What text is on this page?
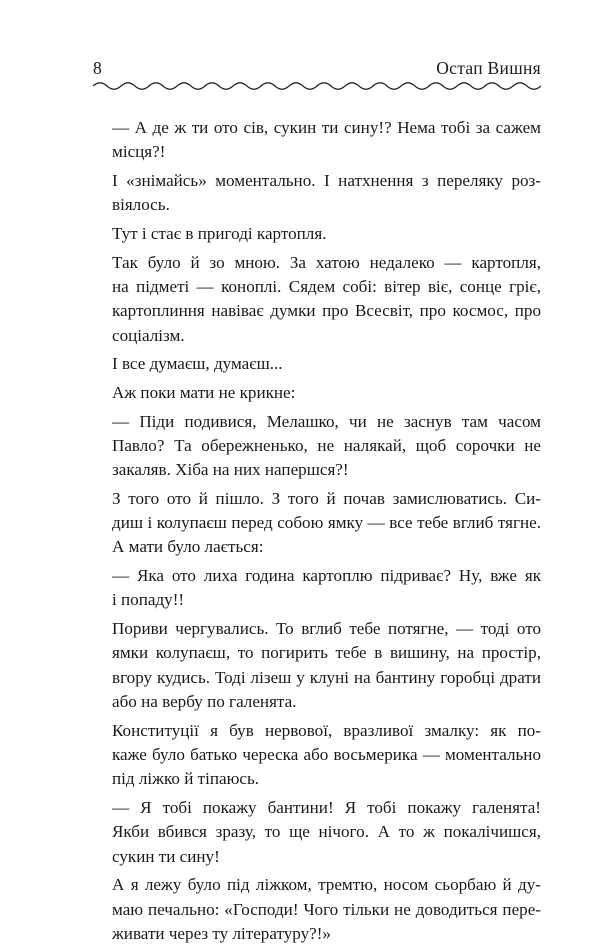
8	Остап Вишня

— А де ж ти ото сів, сукин ти сину!? Нема тобі за сажем
місця?!

І «знімайсь» моментально. І натхнення з переляку роз-
віялось.

Тут і стає в пригоді картопля.

Так було й зо мною. За хатою недалеко — картопля,
на підметі — коноплі. Сядем собі: вітер віє, сонце гріє,
картоплиння навіває думки про Всесвіт, про космос, про
соціалізм.

І все думаєш, думаєш...

Аж поки мати не крикне:

— Піди подивися, Мелашко, чи не заснув там часом
Павло? Та обережненько, не налякай, щоб сорочки не
закаляв. Хіба на них напершся?!

З того ото й пішло. З того й почав замислюватись. Си-
диш і колупаєш перед собою ямку — все тебе вглиб тягне.
А мати було лається:

— Яка ото лиха година картоплю підриває? Ну, вже як
і попаду!!

Пориви чергувались. То вглиб тебе потягне, — тоді ото
ямки колупаєш, то погирить тебе в вишину, на простір,
вгору кудись. Тоді лізеш у клуні на бантину горобці драти
або на вербу по галенята.

Конституції я був нервової, вразливої змалку: як по-
каже було батько череска або восьмерика — моментально
під ліжко й тіпаюсь.

— Я тобі покажу бантини! Я тобі покажу галенята!
Якби вбився зразу, то ще нічого. А то ж покалічишся,
сукин ти сину!

А я лежу було під ліжком, тремтю, носом сьорбаю й ду-
маю печально: «Господи! Чого тільки не доводиться пере-
живати через ту літературу?!»
